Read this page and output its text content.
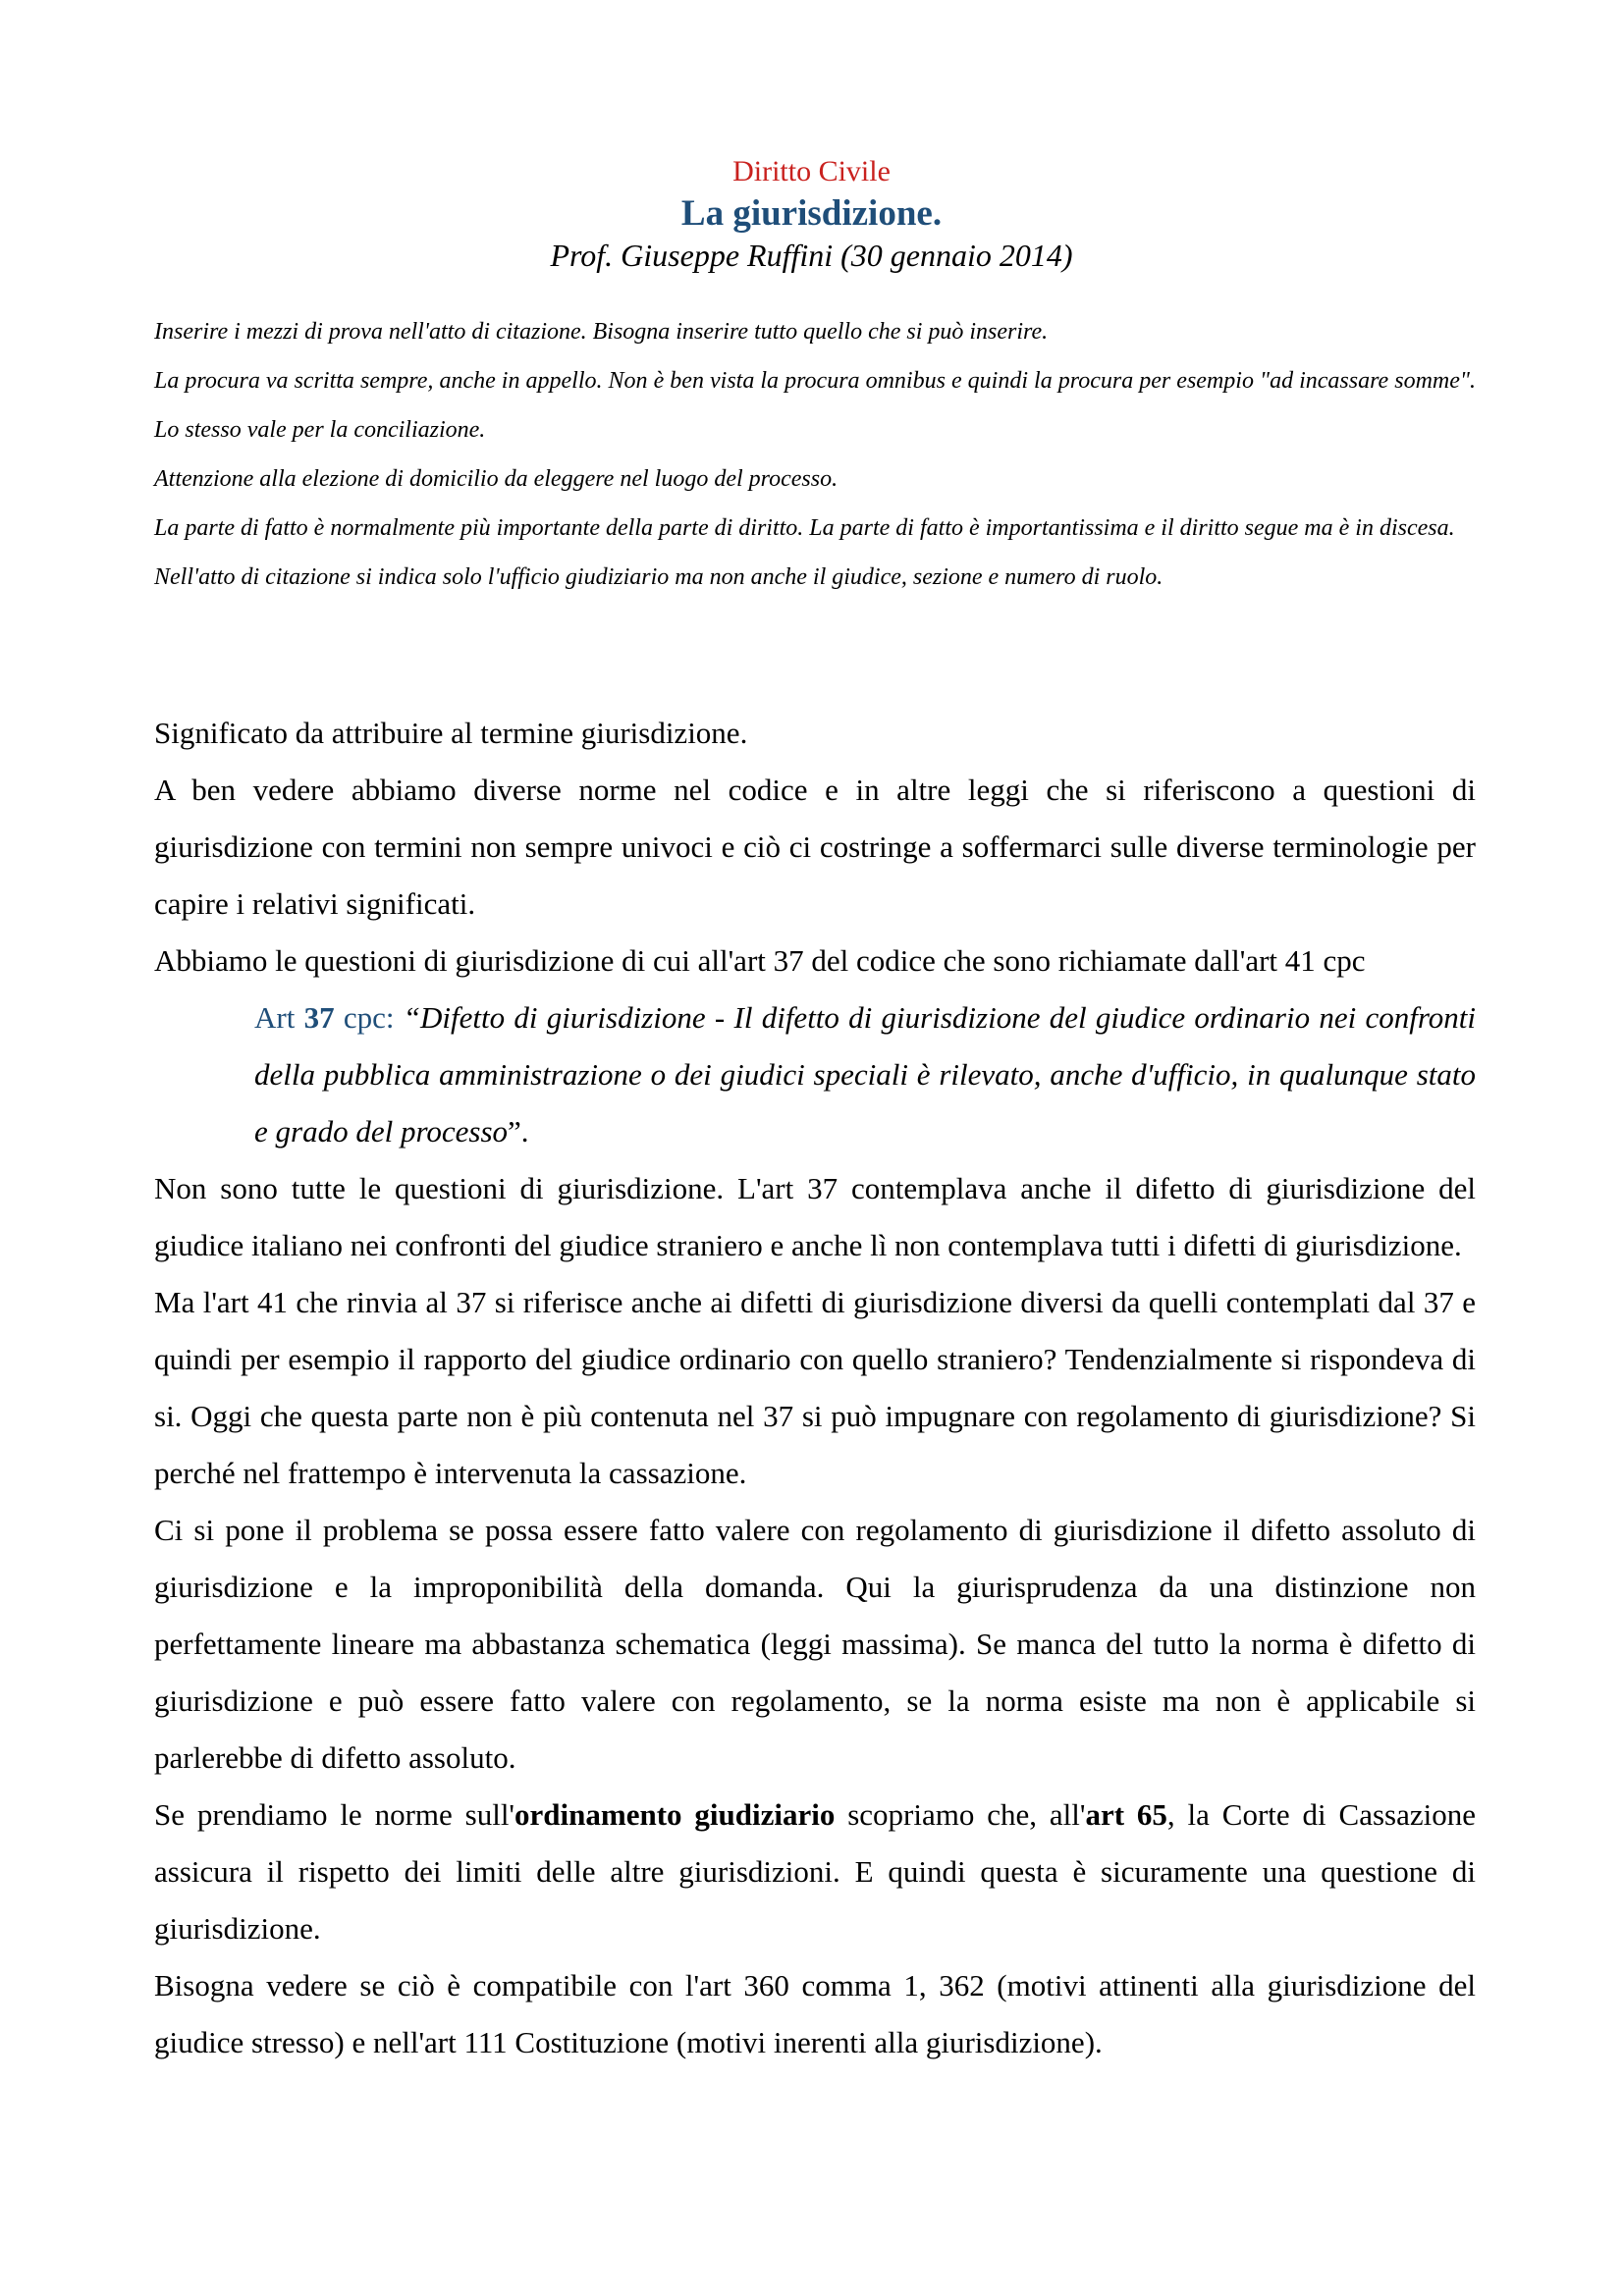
Diritto Civile
La giurisdizione.
Prof. Giuseppe Ruffini (30 gennaio 2014)

Inserire i mezzi di prova nell'atto di citazione. Bisogna inserire tutto quello che si può inserire.

La procura va scritta sempre, anche in appello. Non è ben vista la procura omnibus e quindi la procura per esempio "ad incassare somme". Lo stesso vale per la conciliazione.

Attenzione alla elezione di domicilio da eleggere nel luogo del processo.

La parte di fatto è normalmente più importante della parte di diritto. La parte di fatto è importantissima e il diritto segue ma è in discesa.

Nell'atto di citazione si indica solo l'ufficio giudiziario ma non anche il giudice, sezione e numero di ruolo.

Significato da attribuire al termine giurisdizione.

A ben vedere abbiamo diverse norme nel codice e in altre leggi che si riferiscono a questioni di giurisdizione con termini non sempre univoci e ciò ci costringe a soffermarci sulle diverse terminologie per capire i relativi significati.

Abbiamo le questioni di giurisdizione di cui all'art 37 del codice che sono richiamate dall'art 41 cpc

Art 37 cpc: “Difetto di giurisdizione - Il difetto di giurisdizione del giudice ordinario nei confronti della pubblica amministrazione o dei giudici speciali è rilevato, anche d'ufficio, in qualunque stato e grado del processo”.

Non sono tutte le questioni di giurisdizione. L'art 37 contemplava anche il difetto di giurisdizione del giudice italiano nei confronti del giudice straniero e anche lì non contemplava tutti i difetti di giurisdizione.

Ma l'art 41 che rinvia al 37 si riferisce anche ai difetti di giurisdizione diversi da quelli contemplati dal 37 e quindi per esempio il rapporto del giudice ordinario con quello straniero? Tendenzialmente si rispondeva di si. Oggi che questa parte non è più contenuta nel 37 si può impugnare con regolamento di giurisdizione? Si perché nel frattempo è intervenuta la cassazione.

Ci si pone il problema se possa essere fatto valere con regolamento di giurisdizione il difetto assoluto di giurisdizione e la improponibilità della domanda. Qui la giurisprudenza da una distinzione non perfettamente lineare ma abbastanza schematica (leggi massima). Se manca del tutto la norma è difetto di giurisdizione e può essere fatto valere con regolamento, se la norma esiste ma non è applicabile si parlerebbe di difetto assoluto.

Se prendiamo le norme sull'ordinamento giudiziario scopriamo che, all'art 65, la Corte di Cassazione assicura il rispetto dei limiti delle altre giurisdizioni. E quindi questa è sicuramente una questione di giurisdizione.

Bisogna vedere se ciò è compatibile con l'art 360 comma 1, 362 (motivi attinenti alla giurisdizione del giudice stresso) e nell'art 111 Costituzione (motivi inerenti alla giurisdizione).
